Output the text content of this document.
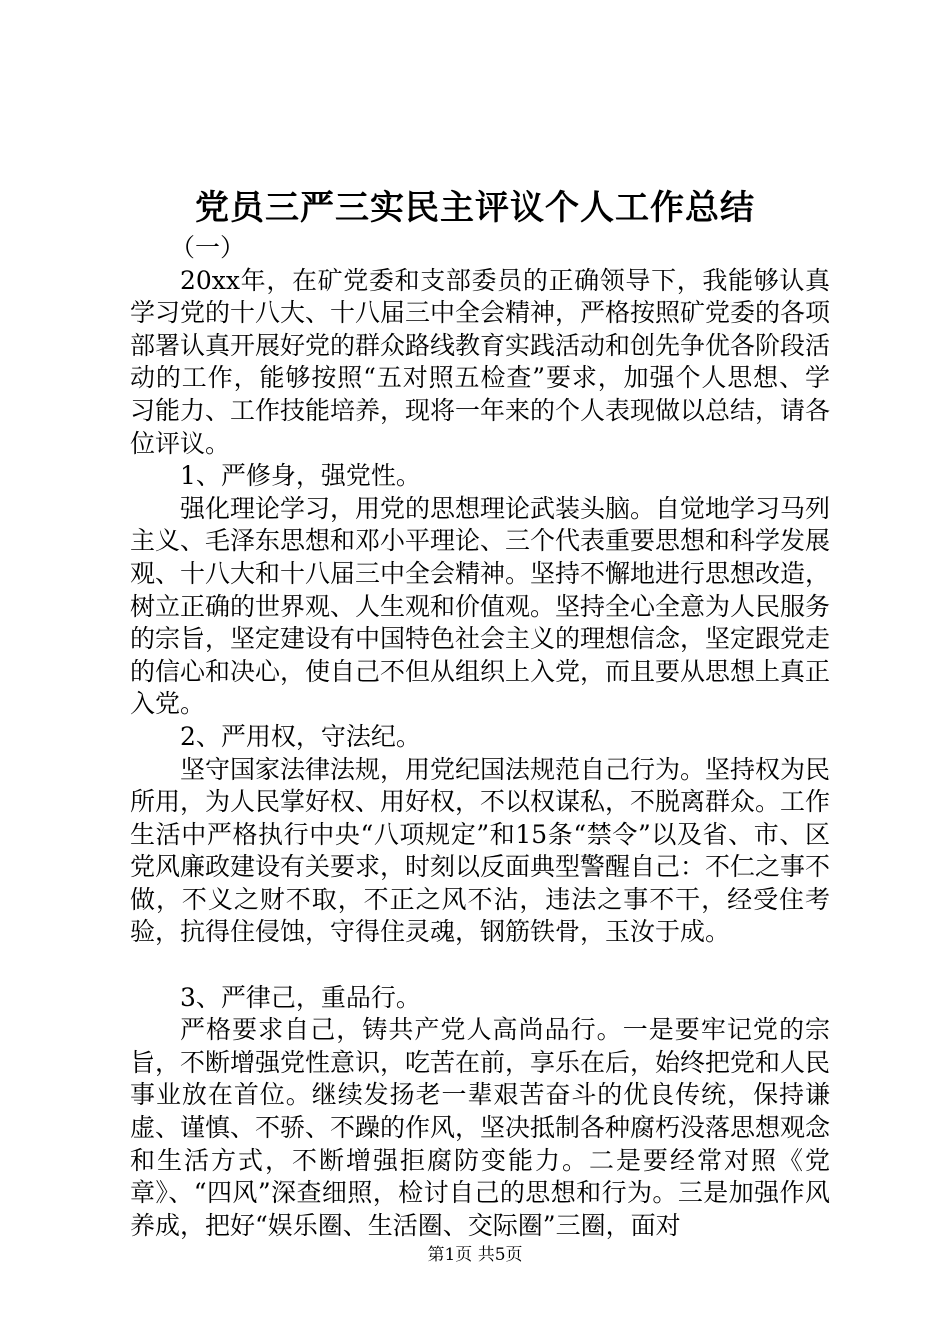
党员三严三实民主评议个人工作总结

（一）

20xx年，在矿党委和支部委员的正确领导下，我能够认真学习党的十八大、十八届三中全会精神，严格按照矿党委的各项部署认真开展好党的群众路线教育实践活动和创先争优各阶段活动的工作，能够按照“五对照五检查”要求，加强个人思想、学习能力、工作技能培养，现将一年来的个人表现做以总结，请各位评议。

1、严修身，强党性。

强化理论学习，用党的思想理论武装头脑。自觉地学习马列主义、毛泽东思想和邓小平理论、三个代表重要思想和科学发展观、十八大和十八届三中全会精神。坚持不懈地进行思想改造，树立正确的世界观、人生观和价值观。坚持全心全意为人民服务的宗旨，坚定建设有中国特色社会主义的理想信念，坚定跟党走的信心和决心，使自己不但从组织上入党，而且要从思想上真正入党。

2、严用权，守法纪。

坚守国家法律法规，用党纪国法规范自己行为。坚持权为民所用，为人民掌好权、用好权，不以权谋私，不脱离群众。工作生活中严格执行中央“八项规定”和15条“禁令”以及省、市、区党风廉政建设有关要求，时刻以反面典型警醒自己：不仁之事不做，不义之财不取，不正之风不沾，违法之事不干，经受住考验，抗得住侵蚀，守得住灵魂，钢筋铁骨，玉汝于成。

3、严律己，重品行。

严格要求自己，铸共产党人高尚品行。一是要牢记党的宗旨，不断增强党性意识，吃苦在前，享乐在后，始终把党和人民事业放在首位。继续发扬老一辈艰苦奋斗的优良传统，保持谦虚、谨慎、不骄、不躁的作风，坚决抵制各种腐朽没落思想观念和生活方式，不断增强拒腐防变能力。二是要经常对照《党章》、“四风”深查细照，检讨自己的思想和行为。三是加强作风养成，把好“娱乐圈、生活圈、交际圈”三圈，面对

第1页 共5页
